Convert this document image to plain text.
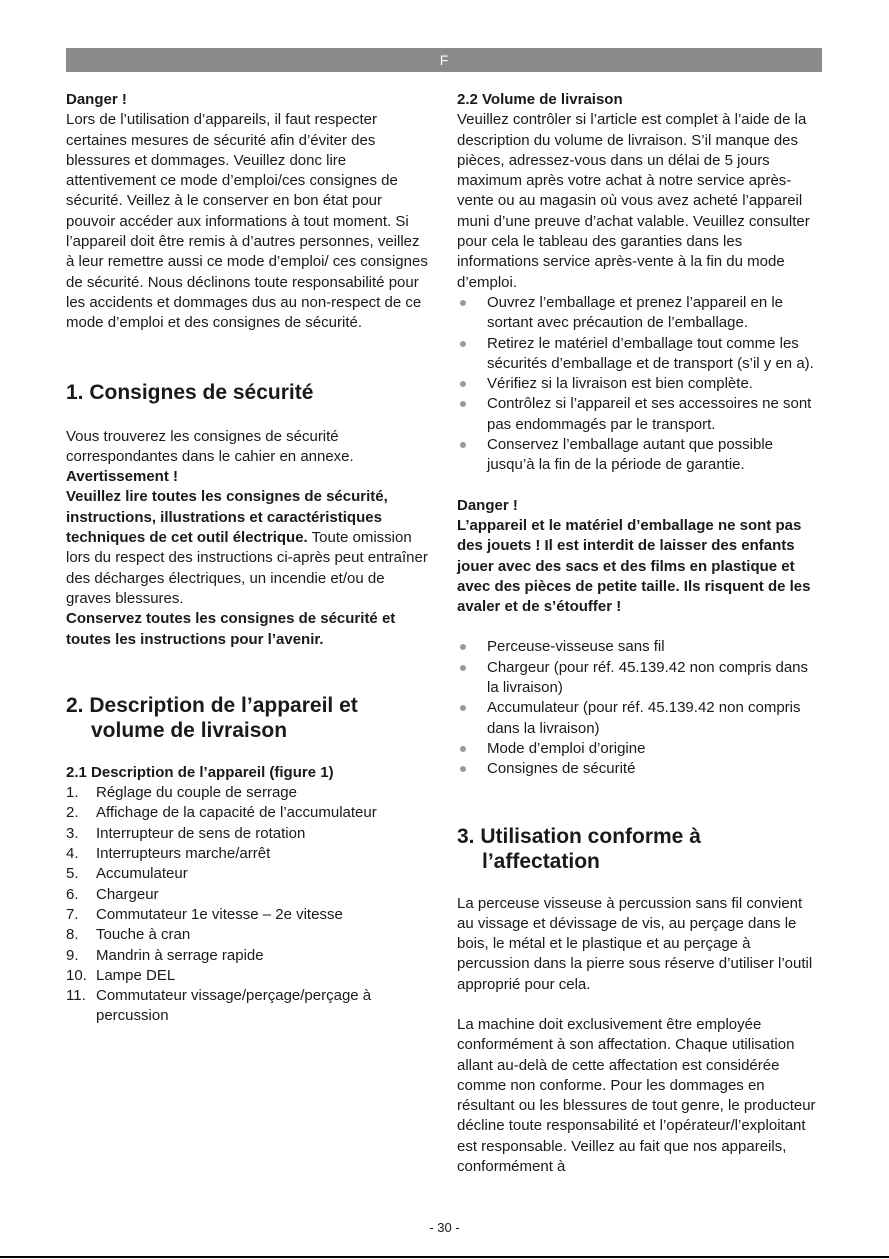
F

Danger !

Lors de l’utilisation d’appareils, il faut respecter certaines mesures de sécurité afin d’éviter des blessures et dommages. Veuillez donc lire attentivement ce mode d’emploi/ces consignes de sécurité. Veillez à le conserver en bon état pour pouvoir accéder aux informations à tout moment. Si l’appareil doit être remis à d’autres personnes, veillez à leur remettre aussi ce mode d’emploi/ ces consignes de sécurité. Nous déclinons toute responsabilité pour les accidents et dommages dus au non-respect de ce mode d’emploi et des consignes de sécurité.

1. Consignes de sécurité

Vous trouverez les consignes de sécurité correspondantes dans le cahier en annexe.

Avertissement !

Veuillez lire toutes les consignes de sécurité, instructions, illustrations et caractéristiques techniques de cet outil électrique. Toute omission lors du respect des instructions ci-après peut entraîner des décharges électriques, un incendie et/ou de graves blessures.

Conservez toutes les consignes de sécurité et toutes les instructions pour l’avenir.

2. Description de l’appareil et
volume de livraison

2.1 Description de l’appareil (figure 1)

1.	Réglage du couple de serrage
2.	Affichage de la capacité de l’accumulateur
3.	Interrupteur de sens de rotation
4.	Interrupteurs marche/arrêt
5.	Accumulateur
6.	Chargeur
7.	Commutateur 1e vitesse – 2e vitesse
8.	Touche à cran
9.	Mandrin à serrage rapide
10. Lampe DEL
11. Commutateur vissage/perçage/perçage à percussion

2.2 Volume de livraison

Veuillez contrôler si l’article est complet à l’aide de la description du volume de livraison. S’il manque des pièces, adressez-vous dans un délai de 5 jours maximum après votre achat à notre service après-vente ou au magasin où vous avez acheté l’appareil muni d’une preuve d’achat valable. Veuillez consulter pour cela le tableau des garanties dans les informations service après-vente à la fin du mode d’emploi.

Ouvrez l’emballage et prenez l’appareil en le sortant avec précaution de l’emballage.
Retirez le matériel d’emballage tout comme les sécurités d’emballage et de transport (s’il y en a).
Vérifiez si la livraison est bien complète.
Contrôlez si l’appareil et ses accessoires ne sont pas endommagés par le transport.
Conservez l’emballage autant que possible jusqu’à la fin de la période de garantie.

Danger !

L’appareil et le matériel d’emballage ne sont pas des jouets ! Il est interdit de laisser des enfants jouer avec des sacs et des films en plastique et avec des pièces de petite taille. Ils risquent de les avaler et de s’étouffer !

Perceuse-visseuse sans fil
Chargeur (pour réf. 45.139.42 non compris dans la livraison)
Accumulateur (pour réf. 45.139.42 non compris dans la livraison)
Mode d’emploi d’origine
Consignes de sécurité

3. Utilisation conforme à
l’affectation

La perceuse visseuse à percussion sans fil convient au vissage et dévissage de vis, au perçage dans le bois, le métal et le plastique et au perçage à percussion dans la pierre sous réserve d’utiliser l’outil approprié pour cela.

La machine doit exclusivement être employée conformément à son affectation. Chaque utilisation allant au-delà de cette affectation est considérée comme non conforme. Pour les dommages en résultant ou les blessures de tout genre, le producteur décline toute responsabilité et l’opérateur/l’exploitant est responsable. Veillez au fait que nos appareils, conformément à

- 30 -
